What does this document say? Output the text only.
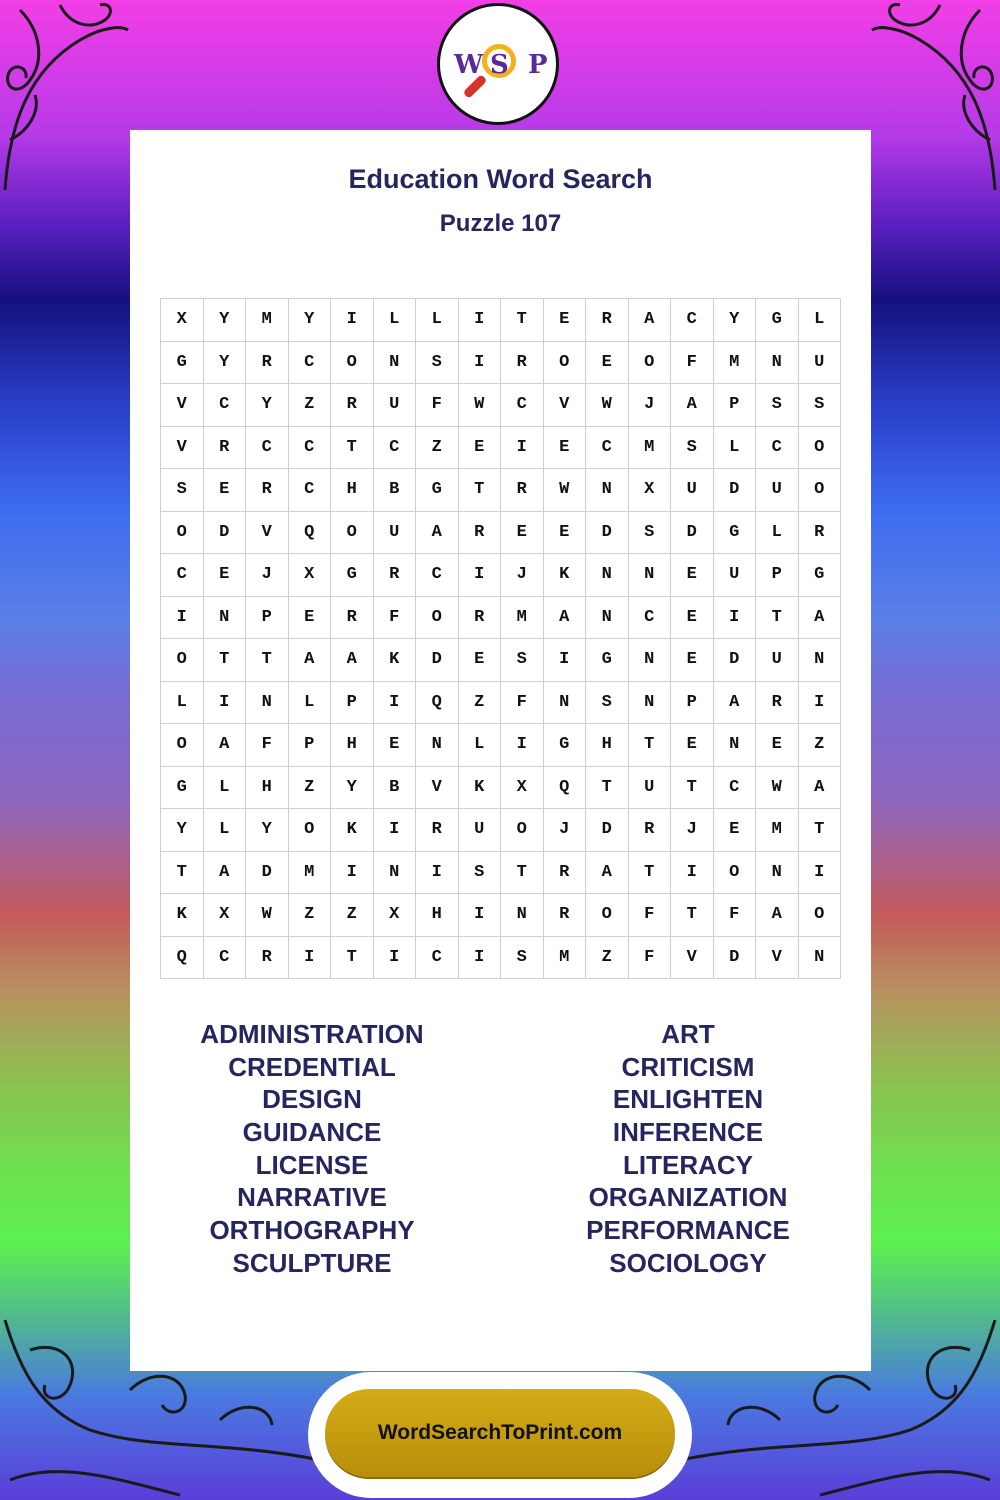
W S P
Education Word Search
Puzzle 107
X	Y	M	Y	I	L	L	I	T	E	R	A	C	Y	G	L
G	Y	R	C	O	N	S	I	R	O	E	O	F	M	N	U
V	C	Y	Z	R	U	F	W	C	V	W	J	A	P	S	S
V	R	C	C	T	C	Z	E	I	E	C	M	S	L	C	O
S	E	R	C	H	B	G	T	R	W	N	X	U	D	U	O
O	D	V	Q	O	U	A	R	E	E	D	S	D	G	L	R
C	E	J	X	G	R	C	I	J	K	N	N	E	U	P	G
I	N	P	E	R	F	O	R	M	A	N	C	E	I	T	A
O	T	T	A	A	K	D	E	S	I	G	N	E	D	U	N
L	I	N	L	P	I	Q	Z	F	N	S	N	P	A	R	I
O	A	F	P	H	E	N	L	I	G	H	T	E	N	E	Z
G	L	H	Z	Y	B	V	K	X	Q	T	U	T	C	W	A
Y	L	Y	O	K	I	R	U	O	J	D	R	J	E	M	T
T	A	D	M	I	N	I	S	T	R	A	T	I	O	N	I
K	X	W	Z	Z	X	H	I	N	R	O	F	T	F	A	O
Q	C	R	I	T	I	C	I	S	M	Z	F	V	D	V	N
ADMINISTRATION
CREDENTIAL
DESIGN
GUIDANCE
LICENSE
NARRATIVE
ORTHOGRAPHY
SCULPTURE
ART
CRITICISM
ENLIGHTEN
INFERENCE
LITERACY
ORGANIZATION
PERFORMANCE
SOCIOLOGY
WordSearchToPrint.com
